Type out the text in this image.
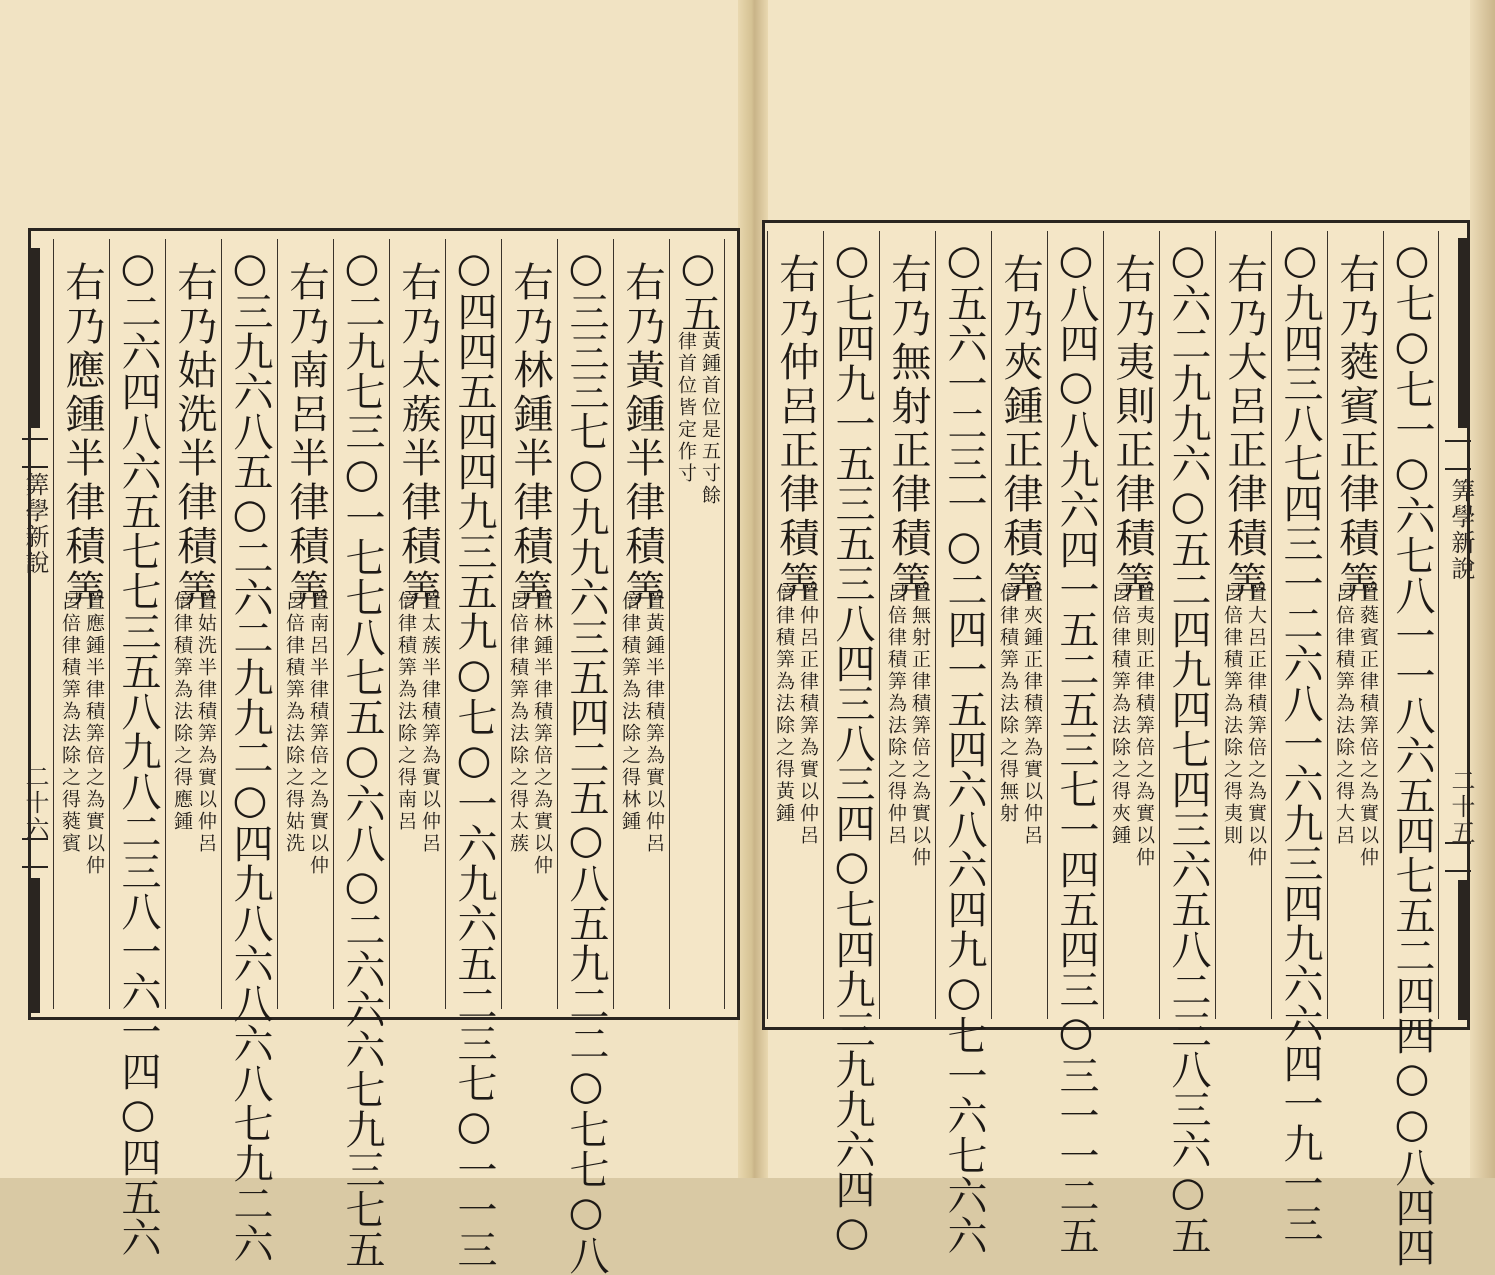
○七○七一○六七八一一八六五四七五二四四○○八四四
右乃蕤賓正律積筭
置蕤賓正律積筭倍之為實以仲
呂倍律積筭為法除之得大呂
○九四三八七四三一二六八一六九三四九六六四一九一三
右乃大呂正律積筭
置大呂正律積筭倍之為實以仲
呂倍律積筭為法除之得夷則
○六二九九六○五二四九四七四三六五八二三八三六○五
右乃夷則正律積筭
置夷則正律積筭倍之為實以仲
呂倍律積筭為法除之得夾鍾
○八四○八九六四一五二五三七一四五四三○三一一二五
右乃夾鍾正律積筭
置夾鍾正律積筭為實以仲呂
倍律積筭為法除之得無射
○五六一二三一○二四一五四六八六四九○七一六七六六
右乃無射正律積筭
置無射正律積筭倍之為實以仲
呂倍律積筭為法除之得仲呂
○七四九一五三五三八四三八三四○七四九三九九六四○
右乃仲呂正律積筭
置仲呂正律積筭為實以仲呂
倍律積筭為法除之得黃鍾
筭學新說
二十五
○五
黃鍾首位是五寸餘
律首位皆定作寸
右乃黃鍾半律積筭
置黃鍾半律積筭為實以仲呂
倍律積筭為法除之得林鍾
○三三三七○九九六三五四二五○八五九二二○七七○八
右乃林鍾半律積筭
置林鍾半律積筭倍之為實以仲
呂倍律積筭為法除之得太蔟
○四四五四四九三五九○七○一六九六五二三七○一一三
右乃太蔟半律積筭
置太蔟半律積筭為實以仲呂
倍律積筭為法除之得南呂
○二九七三○一七七八七五○六八○二六六六七九三七五
右乃南呂半律積筭
置南呂半律積筭倍之為實以仲
呂倍律積筭為法除之得姑洗
○三九六八五○二六二九九二○四九八六八六八七九二六
右乃姑洗半律積筭
置姑洗半律積筭為實以仲呂
倍律積筭為法除之得應鍾
○二六四八六五七七三五八九八二三八一六一四○四五六
右乃應鍾半律積筭
置應鍾半律積筭倍之為實以仲
呂倍律積筭為法除之得蕤賓
筭學新說
二十六
